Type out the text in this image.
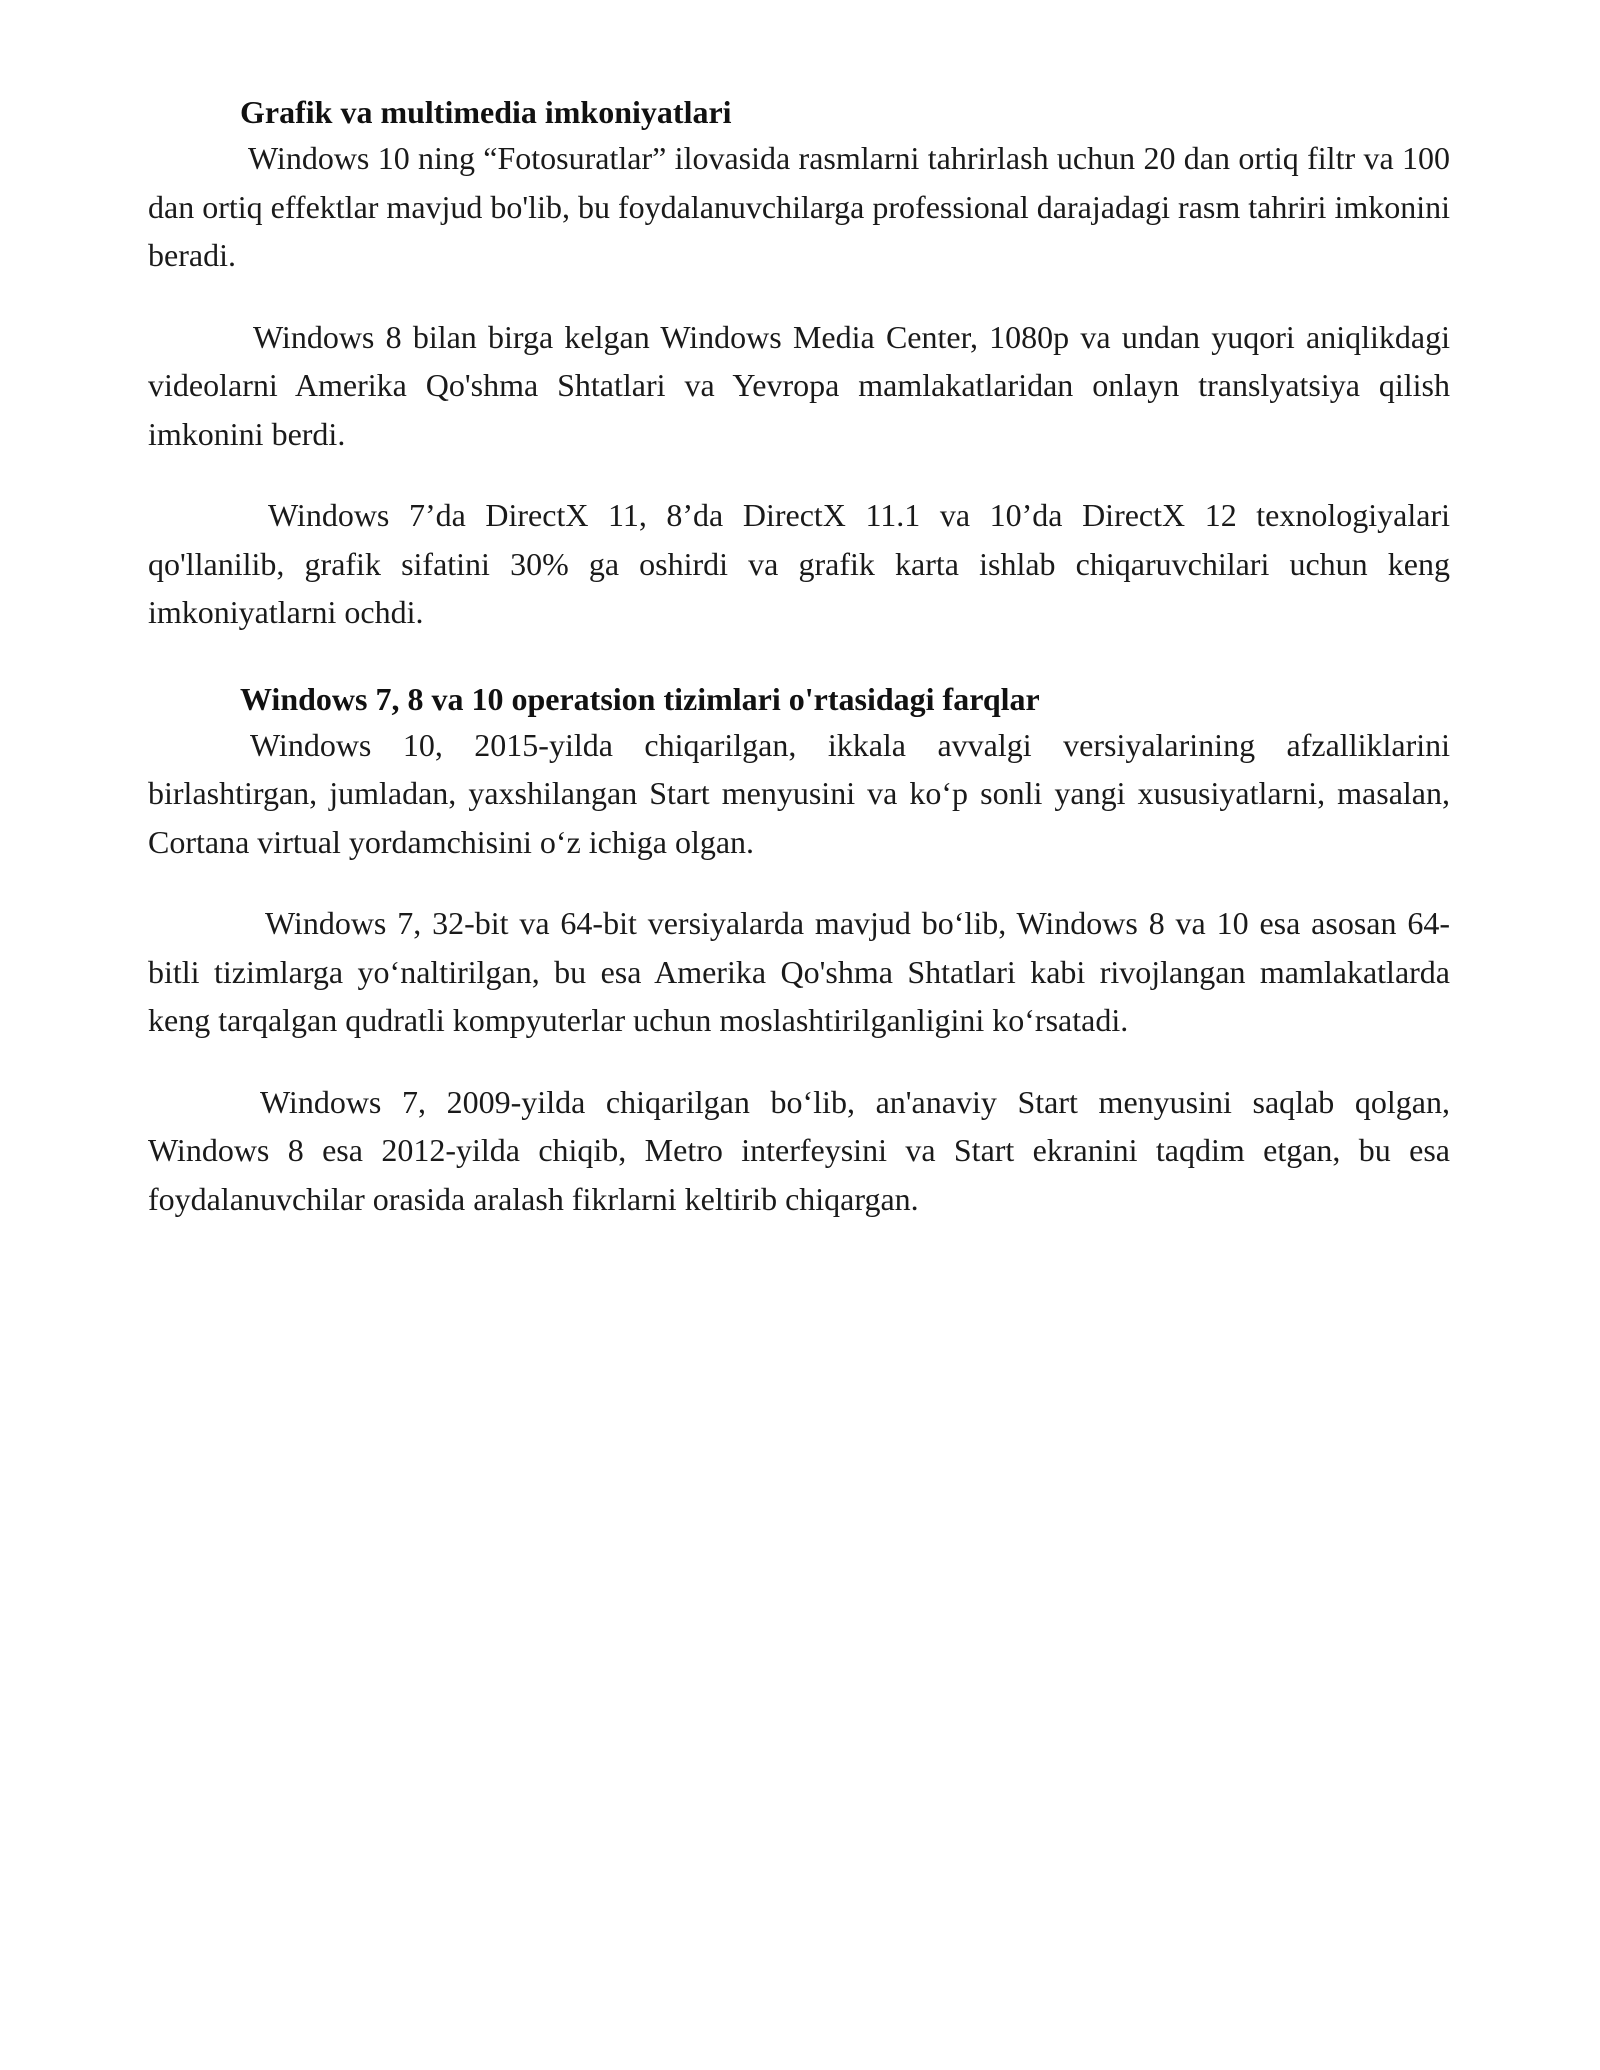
Grafik va multimedia imkoniyatlari

Windows 10 ning “Fotosuratlar” ilovasida rasmlarni tahrirlash uchun 20 dan ortiq filtr va 100 dan ortiq effektlar mavjud bo'lib, bu foydalanuvchilarga professional darajadagi rasm tahriri imkonini beradi.

Windows 8 bilan birga kelgan Windows Media Center, 1080p va undan yuqori aniqlikdagi videolarni Amerika Qo'shma Shtatlari va Yevropa mamlakatlaridan onlayn translyatsiya qilish imkonini berdi.

Windows 7’da DirectX 11, 8’da DirectX 11.1 va 10’da DirectX 12 texnologiyalari qo'llanilib, grafik sifatini 30% ga oshirdi va grafik karta ishlab chiqaruvchilari uchun keng imkoniyatlarni ochdi.

Windows 7, 8 va 10 operatsion tizimlari o'rtasidagi farqlar

Windows 10, 2015-yilda chiqarilgan, ikkala avvalgi versiyalarining afzalliklarini birlashtirgan, jumladan, yaxshilangan Start menyusini va ko‘p sonli yangi xususiyatlarni, masalan, Cortana virtual yordamchisini o‘z ichiga olgan.

Windows 7, 32-bit va 64-bit versiyalarda mavjud bo‘lib, Windows 8 va 10 esa asosan 64-bitli tizimlarga yo‘naltirilgan, bu esa Amerika Qo'shma Shtatlari kabi rivojlangan mamlakatlarda keng tarqalgan qudratli kompyuterlar uchun moslashtirilganligini ko‘rsatadi.

Windows 7, 2009-yilda chiqarilgan bo‘lib, an'anaviy Start menyusini saqlab qolgan, Windows 8 esa 2012-yilda chiqib, Metro interfeysini va Start ekranini taqdim etgan, bu esa foydalanuvchilar orasida aralash fikrlarni keltirib chiqargan.
